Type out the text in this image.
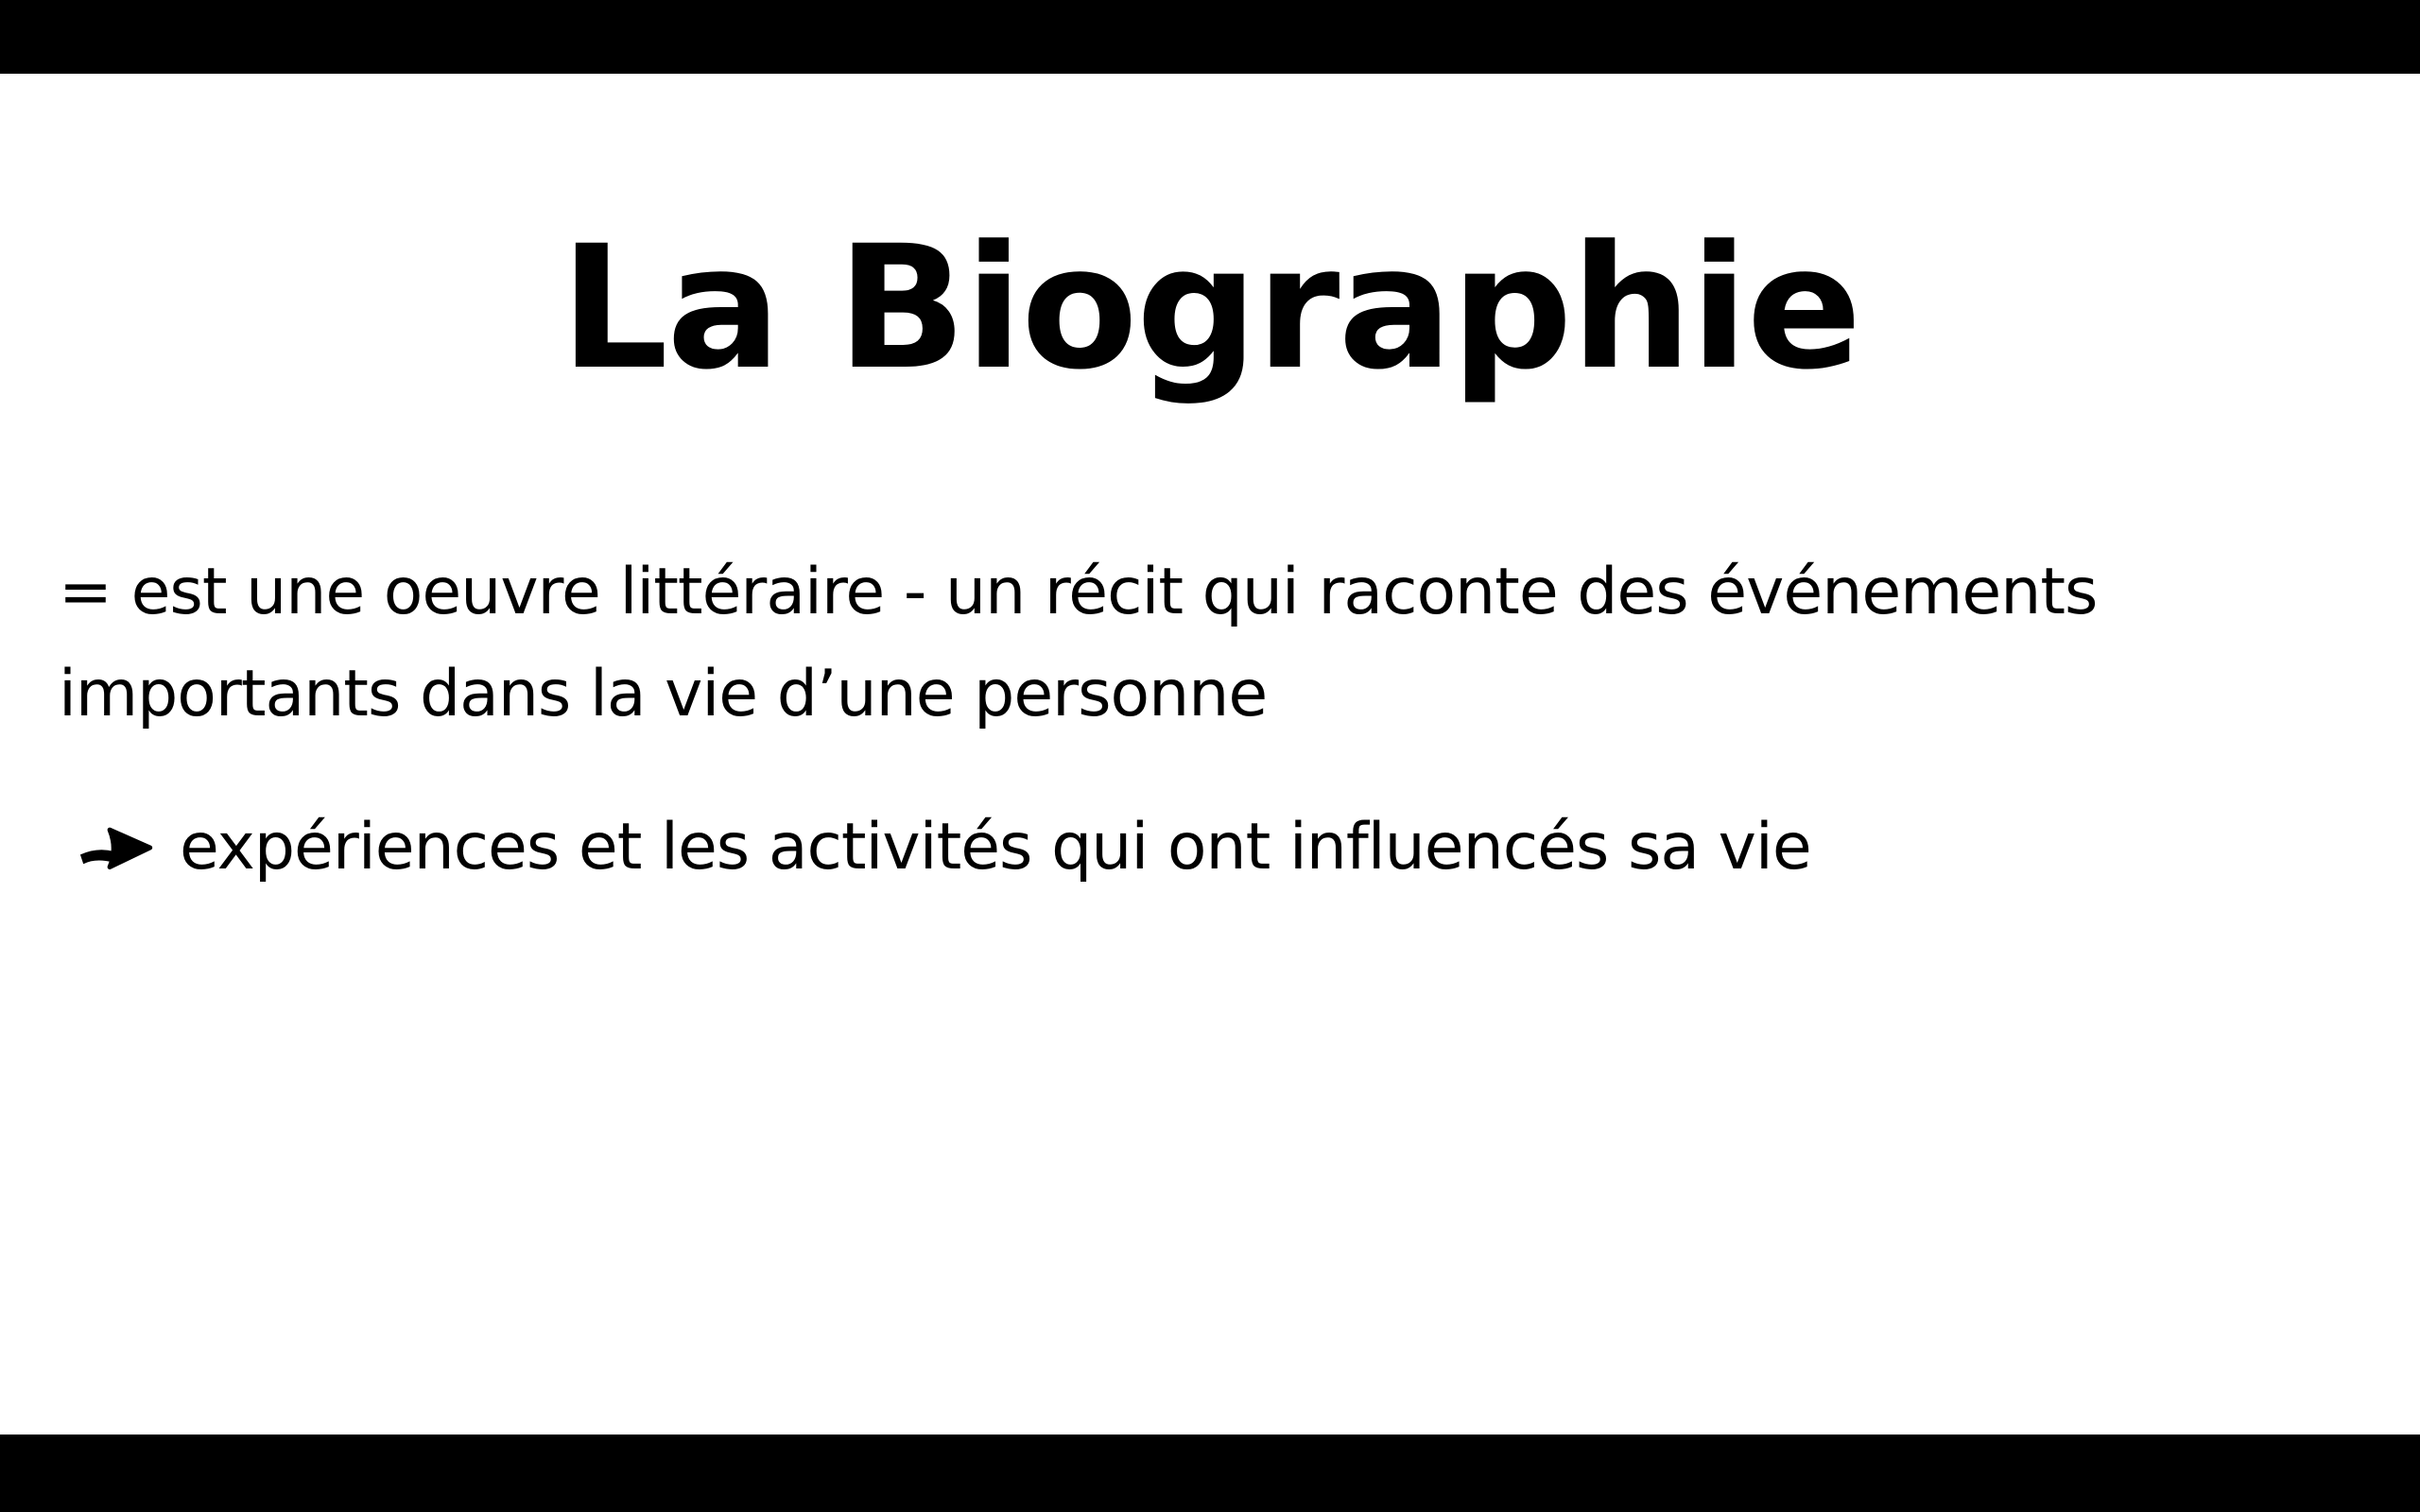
La Biographie

= est une oeuvre littéraire - un récit qui raconte des événements
importants dans la vie d’une personne

expériences et les activités qui ont influencés sa vie
